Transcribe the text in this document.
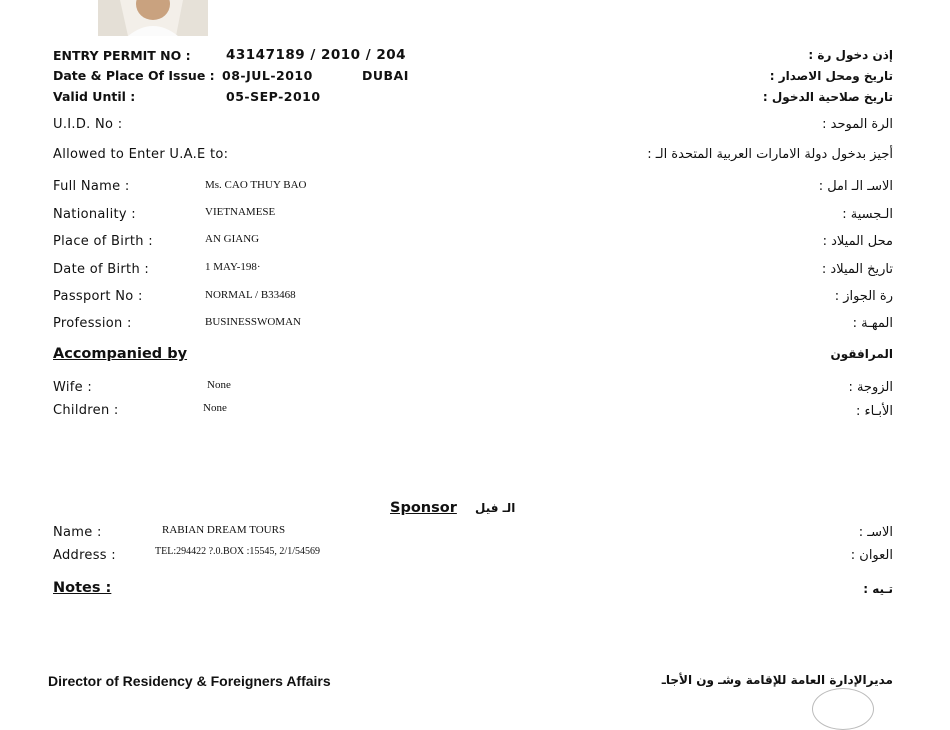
ENTRY PERMIT NO :	43147189 / 2010 / 204	إذن دخول رة :
Date & Place Of Issue : 08-JUL-2010	DUBAI	تاريخ ومحل الاصدار :
Valid Until :	05-SEP-2010	تاريخ صلاحية الدخول :
U.I.D. No :	الرة الموحد :
Allowed to Enter U.A.E to:	أجيز بدخول دولة الامارات العربية المتحدة الـ :
Full Name :	Ms. CAO THUY BAO	الاسـ الـ امل :
Nationality :	VIETNAMESE	الـجسية :
Place of Birth :	AN GIANG	محل الميلاد :
Date of Birth :	1 MAY-198·	تاريخ الميلاد :
Passport No :	NORMAL / B33468	رة الجواز :
Profession :	BUSINESSWOMAN	المهـة :
Accompanied by	المرافقون
Wife :	None	الزوجة :
Children :	None	الأبـاء :
Sponsor الـ فيل
Name :	RABIAN DREAM TOURS	الاسـ :
Address :	TEL:294422 ?.0.BOX :15545, 2/1/54569	العوان :
Notes :	تـيه :
Director of Residency & Foreigners Affairs	مديرالإدارة العامة للإقامة وشـ ون الأجاـ
